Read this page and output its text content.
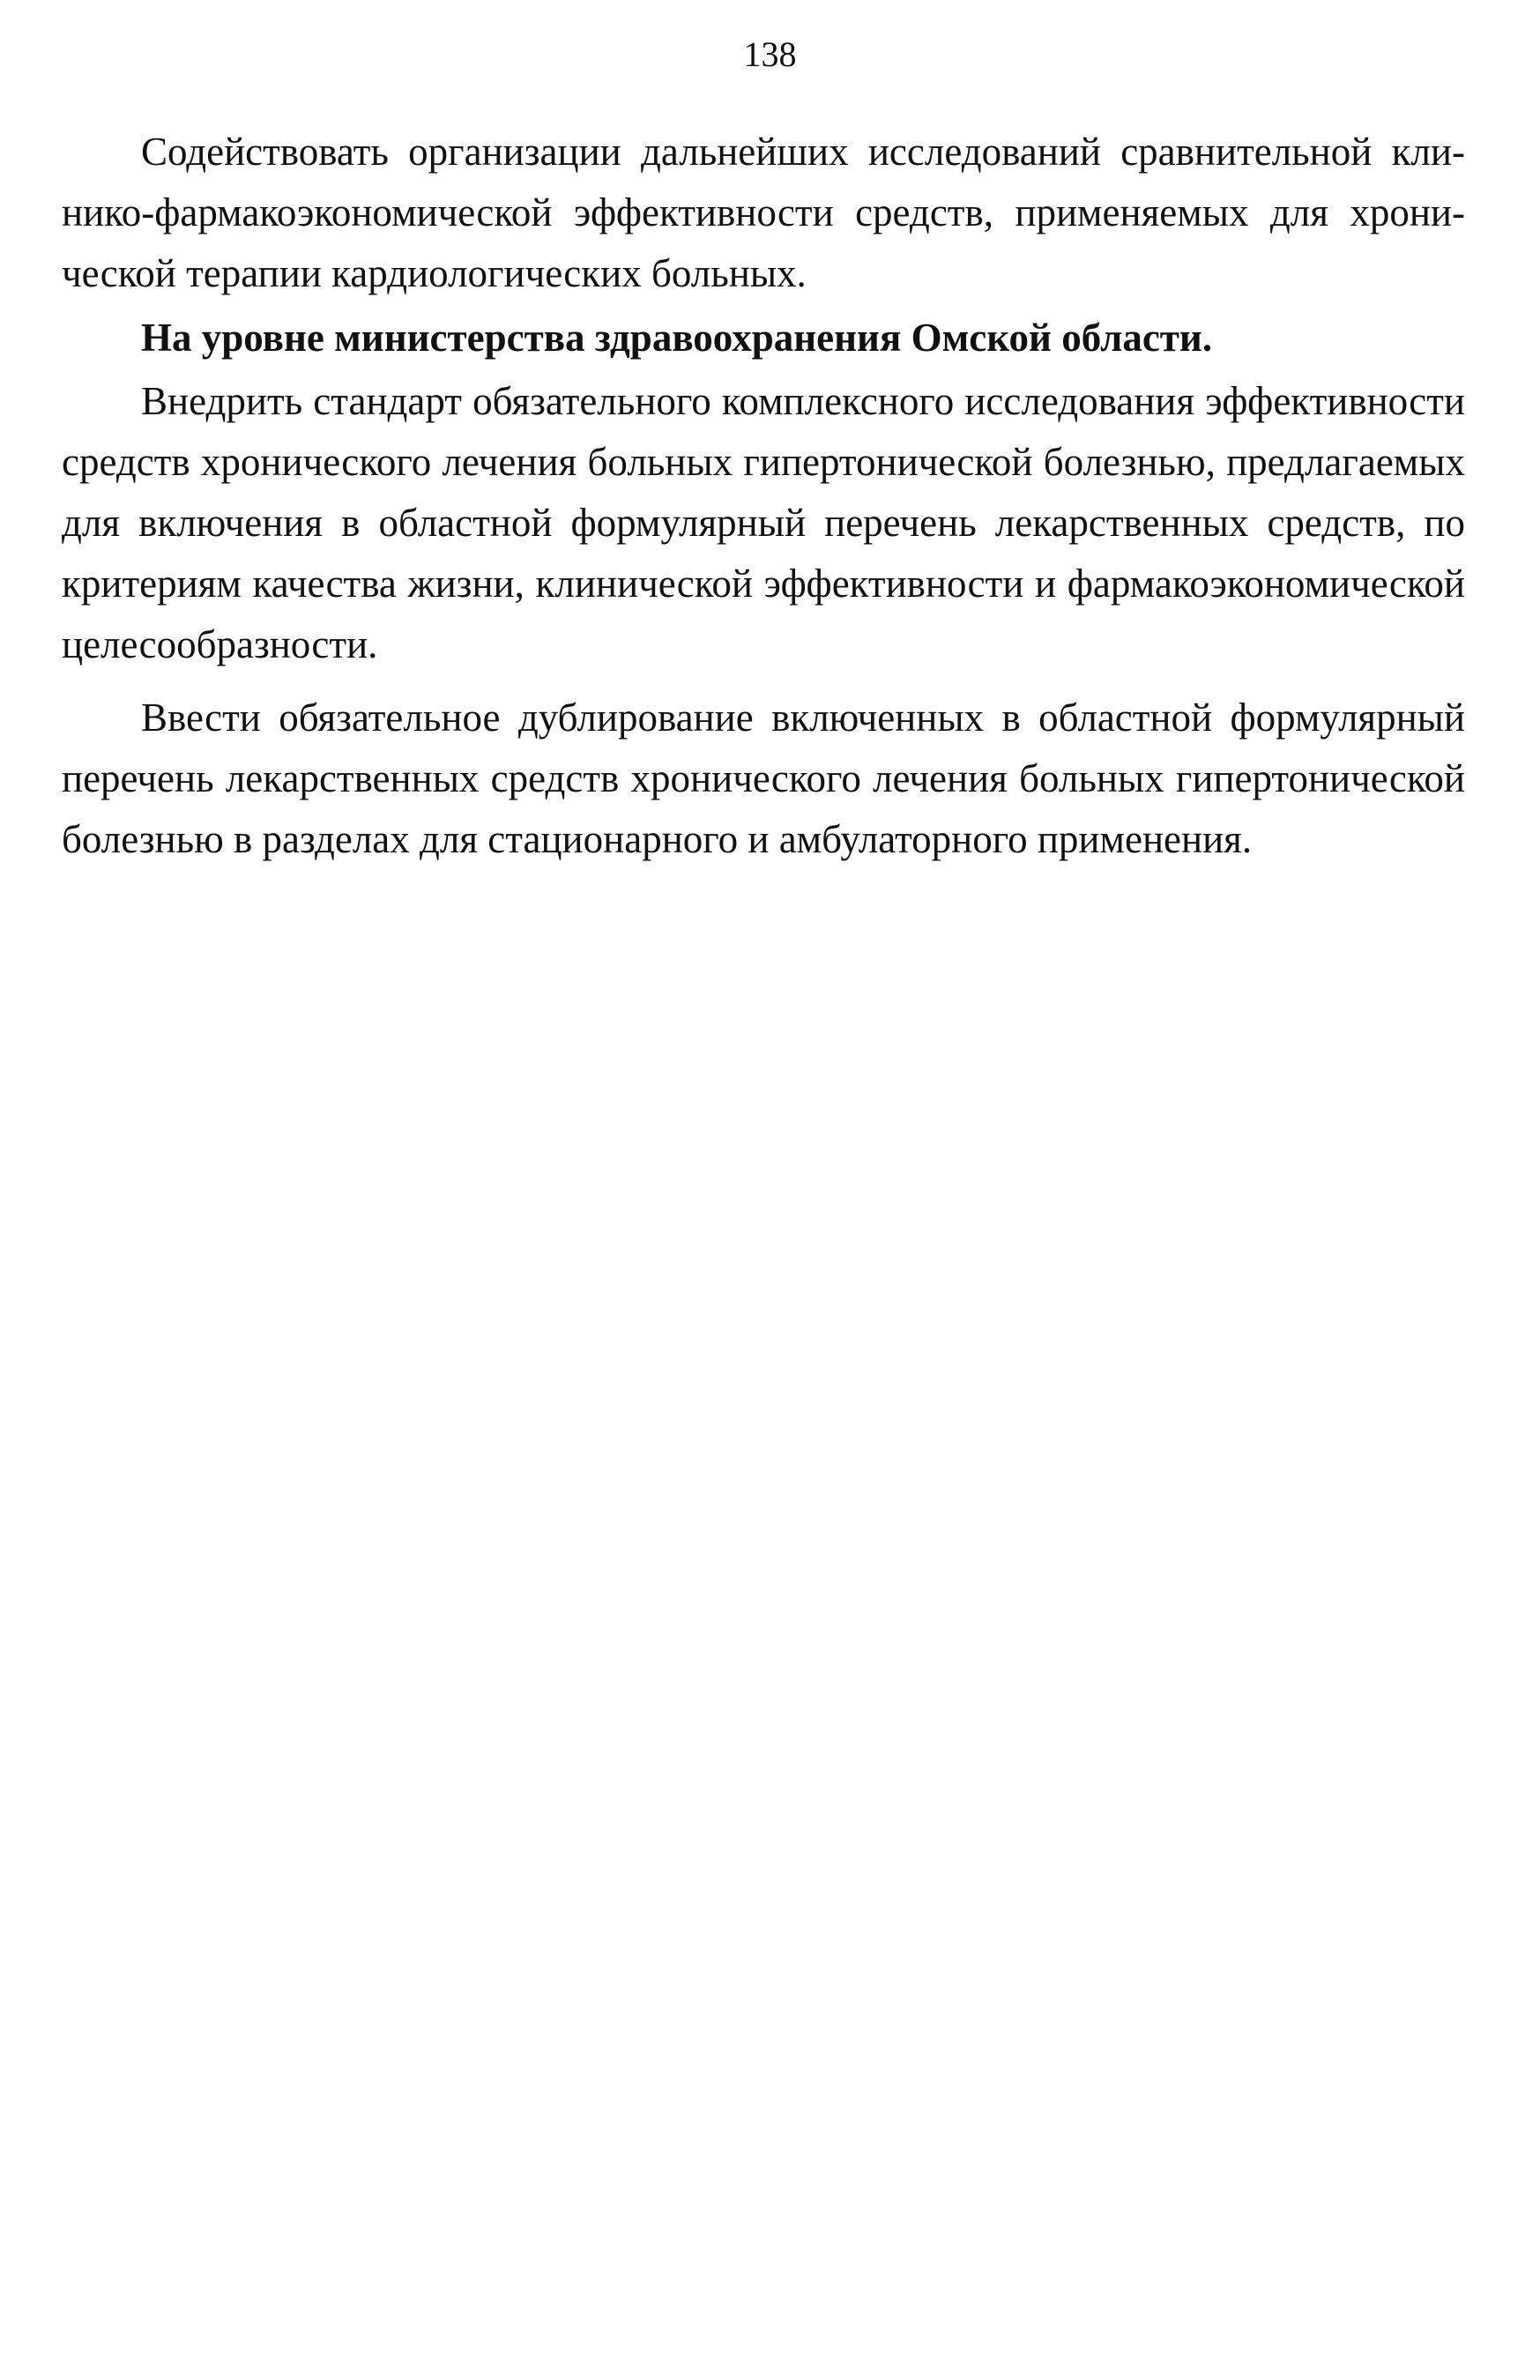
138

Содействовать организации дальнейших исследований сравнительной клинико-фармакоэкономической эффективности средств, применяемых для хронической терапии кардиологических больных.

На уровне министерства здравоохранения Омской области.

Внедрить стандарт обязательного комплексного исследования эффективности средств хронического лечения больных гипертонической болезнью, предлагаемых для включения в областной формулярный перечень лекарственных средств, по критериям качества жизни, клинической эффективности и фармакоэкономической целесообразности.

Ввести обязательное дублирование включенных в областной формулярный перечень лекарственных средств хронического лечения больных гипертонической болезнью в разделах для стационарного и амбулаторного применения.
